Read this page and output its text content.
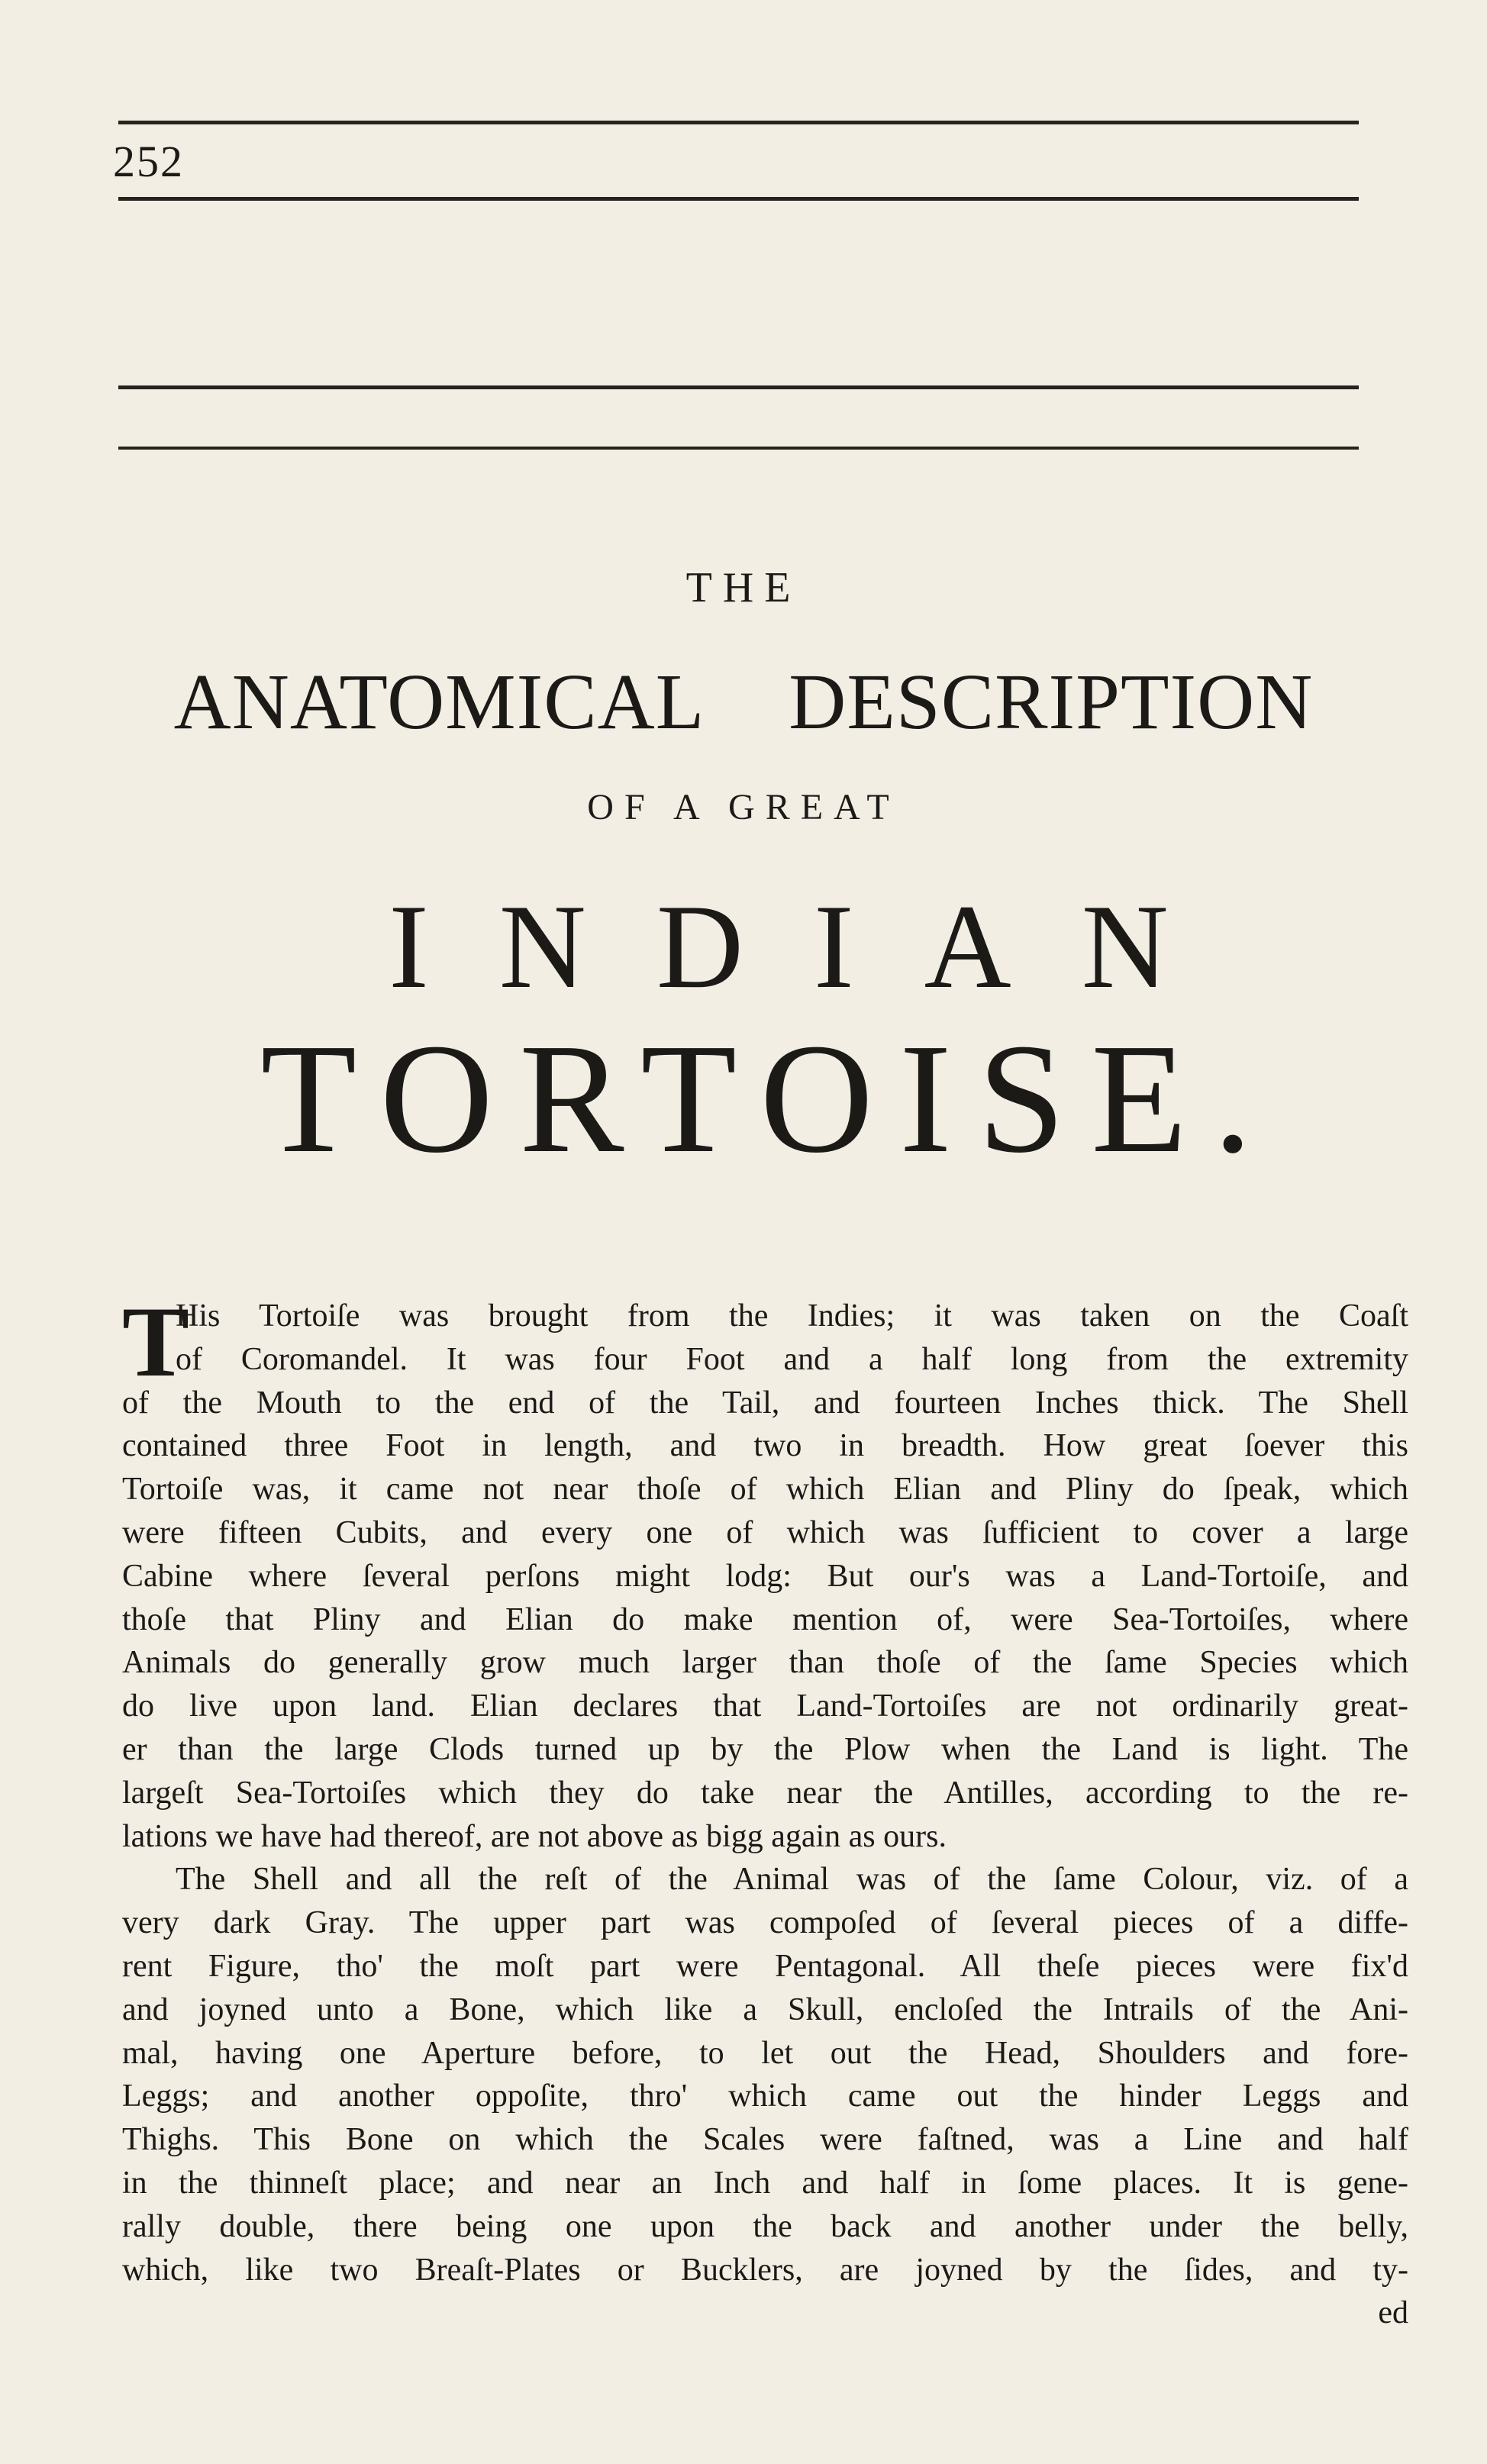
252
THE
ANATOMICAL DESCRIPTION
OF A GREAT
INDIAN
TORTOISE.
T
His Tortoiſe was brought from the Indies; it was taken on the Coaſt
of Coromandel. It was four Foot and a half long from the extremity
of the Mouth to the end of the Tail, and fourteen Inches thick. The Shell
contained three Foot in length, and two in breadth. How great ſoever this
Tortoiſe was, it came not near thoſe of which Elian and Pliny do ſpeak, which
were fifteen Cubits, and every one of which was ſufficient to cover a large
Cabine where ſeveral perſons might lodg: But our's was a Land-Tortoiſe, and
thoſe that Pliny and Elian do make mention of, were Sea-Tortoiſes, where
Animals do generally grow much larger than thoſe of the ſame Species which
do live upon land. Elian declares that Land-Tortoiſes are not ordinarily great-
er than the large Clods turned up by the Plow when the Land is light. The
largeſt Sea-Tortoiſes which they do take near the Antilles, according to the re-
lations we have had thereof, are not above as bigg again as ours.
The Shell and all the reſt of the Animal was of the ſame Colour, viz. of a
very dark Gray. The upper part was compoſed of ſeveral pieces of a diffe-
rent Figure, tho' the moſt part were Pentagonal. All theſe pieces were fix'd
and joyned unto a Bone, which like a Skull, encloſed the Intrails of the Ani-
mal, having one Aperture before, to let out the Head, Shoulders and fore-
Leggs; and another oppoſite, thro' which came out the hinder Leggs and
Thighs. This Bone on which the Scales were faſtned, was a Line and half
in the thinneſt place; and near an Inch and half in ſome places. It is gene-
rally double, there being one upon the back and another under the belly,
which, like two Breaſt-Plates or Bucklers, are joyned by the ſides, and ty-
ed
